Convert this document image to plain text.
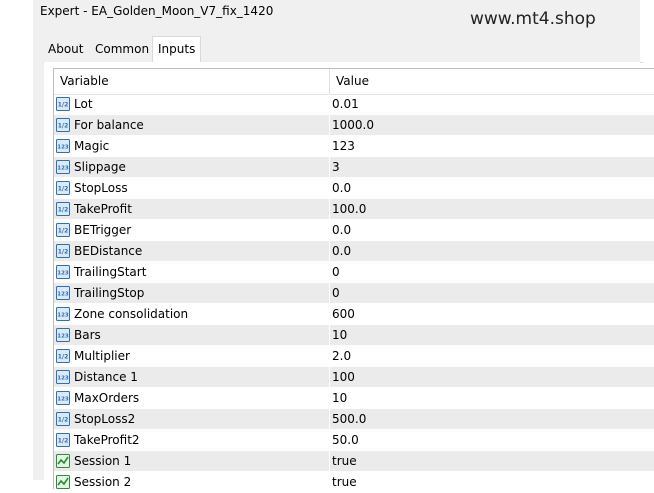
Expert - EA_Golden_Moon_V7_fix_1420
About Common Inputs
Variable	Value
1/2 Lot	0.01
1/2 For balance	1000.0
123 Magic	123
123 Slippage	3
1/2 StopLoss	0.0
1/2 TakeProfit	100.0
1/2 BETrigger	0.0
1/2 BEDistance	0.0
123 TrailingStart	0
123 TrailingStop	0
123 Zone consolidation	600
123 Bars	10
1/2 Multiplier	2.0
123 Distance 1	100
123 MaxOrders	10
1/2 StopLoss2	500.0
1/2 TakeProfit2	50.0
Session 1	true
Session 2	true
www.mt4.shop
